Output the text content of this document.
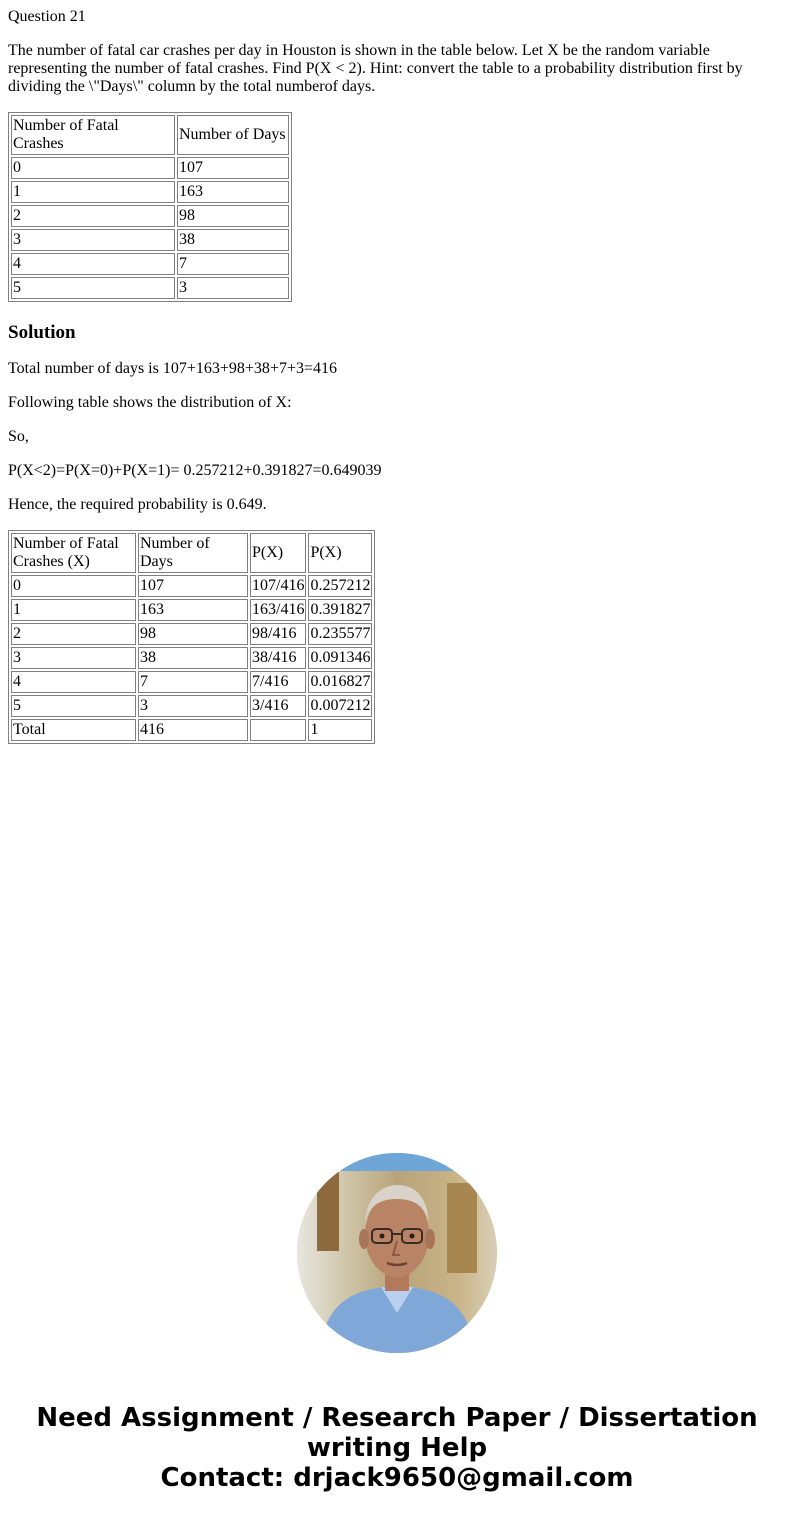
Question 21

The number of fatal car crashes per day in Houston is shown in the table below. Let X be the random variable representing the number of fatal crashes. Find P(X < 2). Hint: convert the table to a probability distribution first by dividing the \"Days\" column by the total numberof days.

Number of Fatal Crashes	Number of Days
0	107
1	163
2	98
3	38
4	7
5	3
Solution

Total number of days is 107+163+98+38+7+3=416

Following table shows the distribution of X:

So,

P(X<2)=P(X=0)+P(X=1)= 0.257212+0.391827=0.649039

Hence, the required probability is 0.649.

Number of Fatal Crashes (X)	Number of Days	P(X)	P(X)
0	107	107/416	0.257212
1	163	163/416	0.391827
2	98	98/416	0.235577
3	38	38/416	0.091346
4	7	7/416	0.016827
5	3	3/416	0.007212
Total	416		1
Need Assignment / Research Paper / Dissertation
writing Help
Contact: drjack9650@gmail.com
